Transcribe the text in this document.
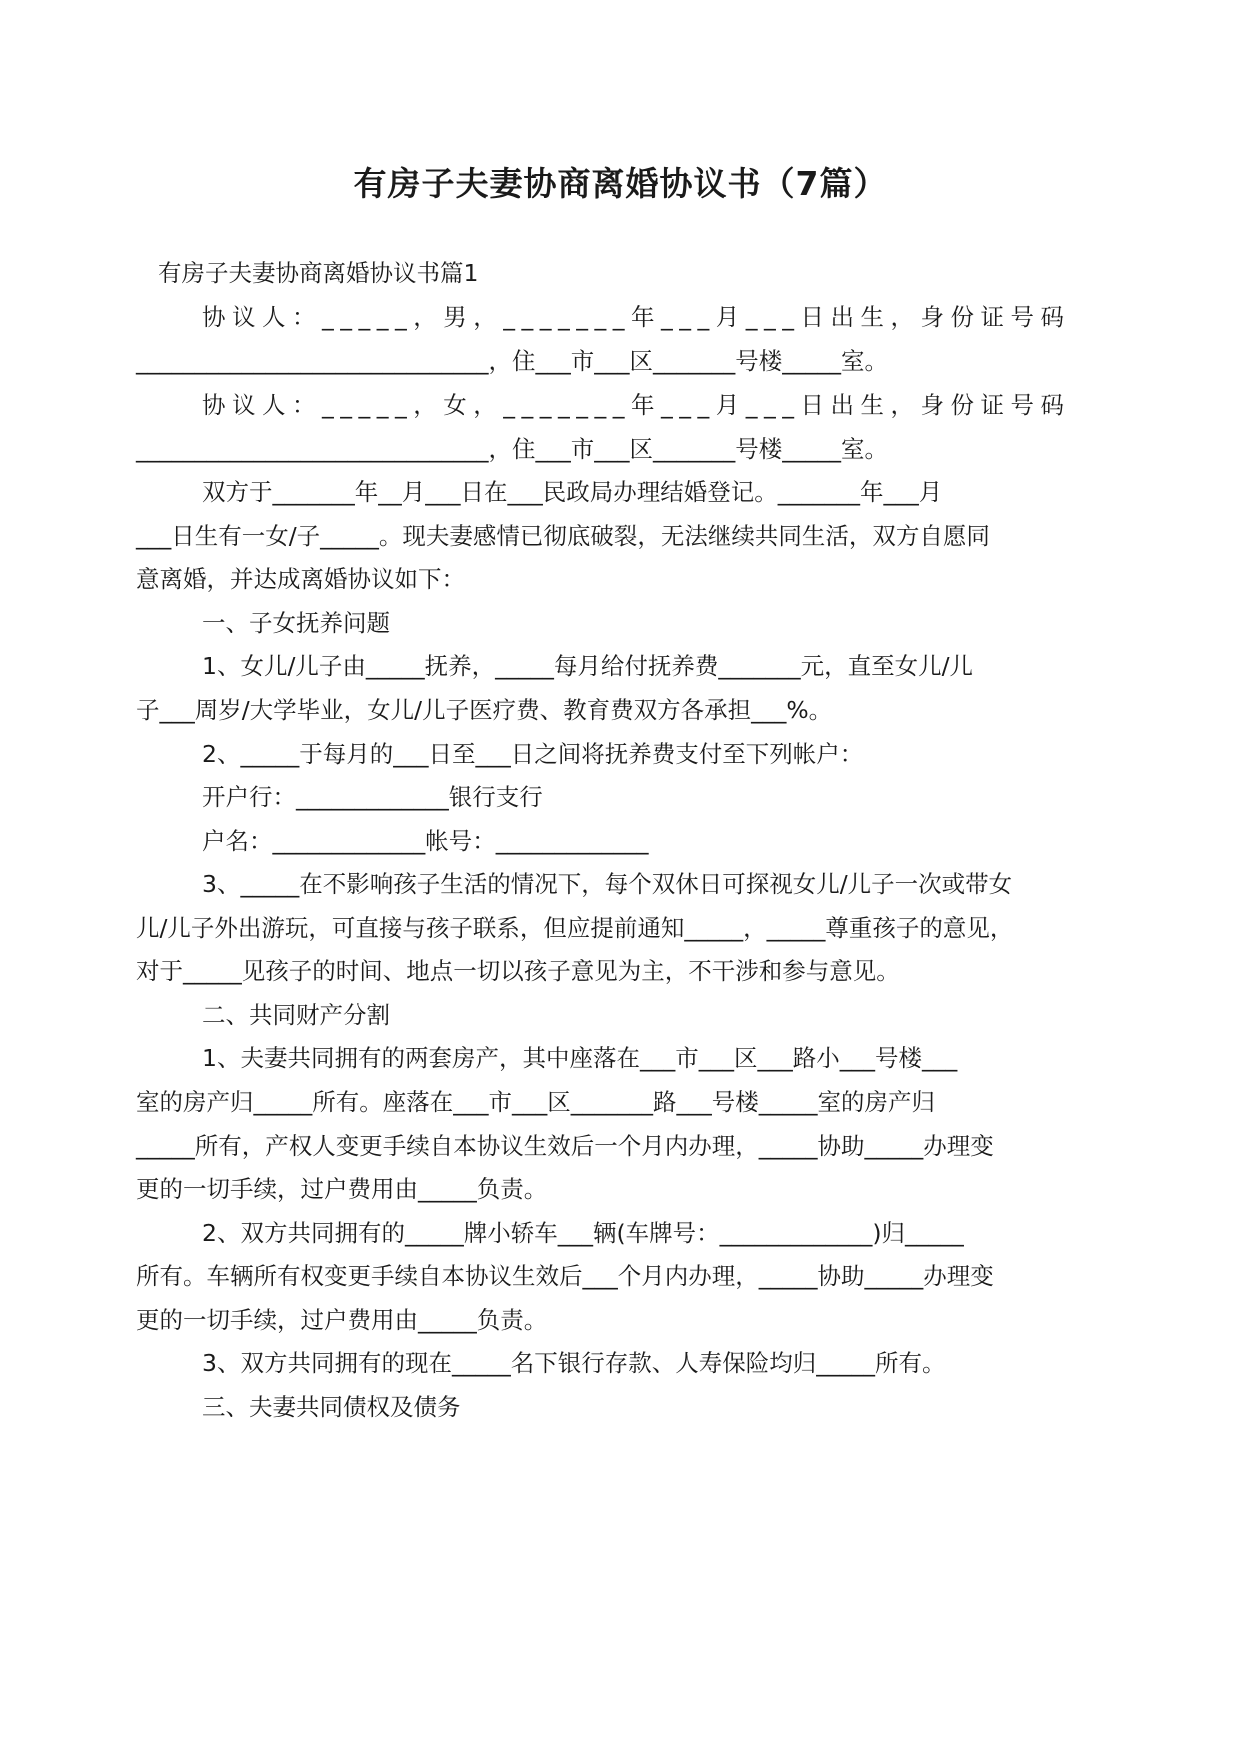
有房子夫妻协商离婚协议书（7篇）
有房子夫妻协商离婚协议书篇1
协议人：_____，男，_______年___月___日出生，身份证号码
______________________________，住___市___区_______号楼_____室。
协议人：_____，女，_______年___月___日出生，身份证号码
______________________________，住___市___区_______号楼_____室。
双方于_______年__月___日在___民政局办理结婚登记。_______年___月
___日生有一女/子_____。现夫妻感情已彻底破裂，无法继续共同生活，双方自愿同
意离婚，并达成离婚协议如下：
一、子女抚养问题
1、女儿/儿子由_____抚养，_____每月给付抚养费_______元，直至女儿/儿
子___周岁/大学毕业，女儿/儿子医疗费、教育费双方各承担___%。
2、_____于每月的___日至___日之间将抚养费支付至下列帐户：
开户行：_____________银行支行
户名：_____________帐号：_____________
3、_____在不影响孩子生活的情况下，每个双休日可探视女儿/儿子一次或带女
儿/儿子外出游玩，可直接与孩子联系，但应提前通知_____，_____尊重孩子的意见，
对于_____见孩子的时间、地点一切以孩子意见为主，不干涉和参与意见。
二、共同财产分割
1、夫妻共同拥有的两套房产，其中座落在___市___区___路小___号楼___
室的房产归_____所有。座落在___市___区_______路___号楼_____室的房产归
_____所有，产权人变更手续自本协议生效后一个月内办理，_____协助_____办理变
更的一切手续，过户费用由_____负责。
2、双方共同拥有的_____牌小轿车___辆(车牌号：_____________)归_____
所有。车辆所有权变更手续自本协议生效后___个月内办理，_____协助_____办理变
更的一切手续，过户费用由_____负责。
3、双方共同拥有的现在_____名下银行存款、人寿保险均归_____所有。
三、夫妻共同债权及债务
